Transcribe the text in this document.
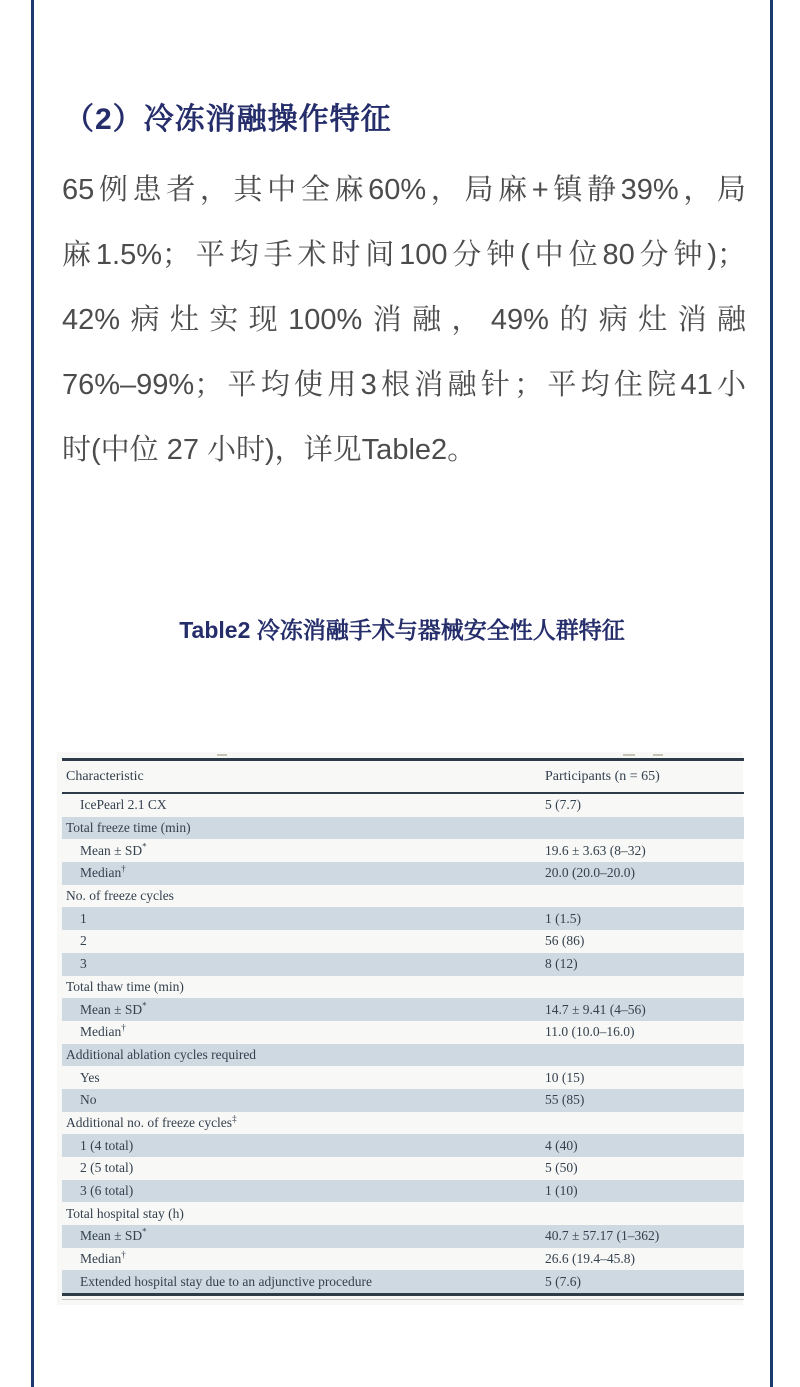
（2）冷冻消融操作特征
65例患者，其中全麻60%，局麻+镇静39%，局
麻1.5%；平均手术时间100分钟(中位80分钟)；
42%病灶实现100%消融，49%的病灶消融
76%–99%；平均使用3根消融针；平均住院41小
时(中位 27 小时)，详见Table2。
Table2 冷冻消融手术与器械安全性人群特征
Characteristic	Participants (n = 65)
IcePearl 2.1 CX	5 (7.7)
Total freeze time (min)
Mean ± SD*	19.6 ± 3.63 (8–32)
Median†	20.0 (20.0–20.0)
No. of freeze cycles
1	1 (1.5)
2	56 (86)
3	8 (12)
Total thaw time (min)
Mean ± SD*	14.7 ± 9.41 (4–56)
Median†	11.0 (10.0–16.0)
Additional ablation cycles required
Yes	10 (15)
No	55 (85)
Additional no. of freeze cycles‡
1 (4 total)	4 (40)
2 (5 total)	5 (50)
3 (6 total)	1 (10)
Total hospital stay (h)
Mean ± SD*	40.7 ± 57.17 (1–362)
Median†	26.6 (19.4–45.8)
Extended hospital stay due to an adjunctive procedure	5 (7.6)
